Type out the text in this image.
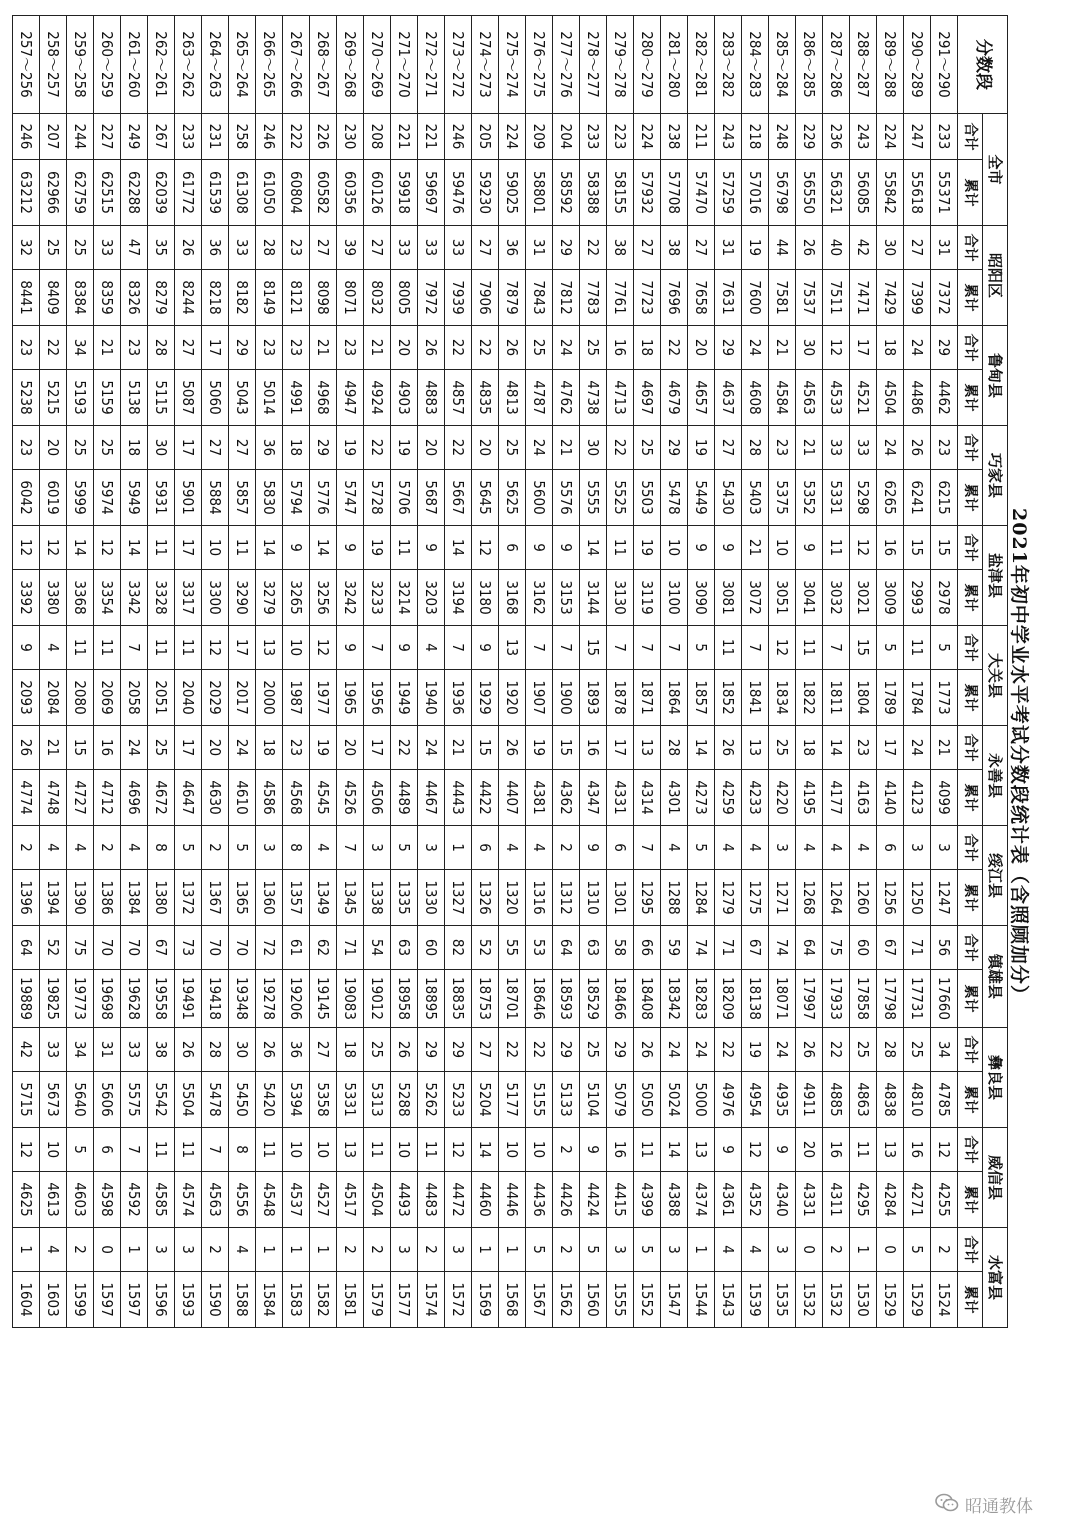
2021年初中学业水平考试分数段统计表（含照顾加分）
分数段	全市		昭阳区		鲁甸县		巧家县		盐津县		大关县		永善县		绥江县		镇雄县		彝良县		威信县		水富县	
	合计	累计	合计	累计	合计	累计	合计	累计	合计	累计	合计	累计	合计	累计	合计	累计	合计	累计	合计	累计	合计	累计	合计	累计
291～290	233	55371	31	7372	29	4462	23	6215	15	2978	5	1773	21	4099	3	1247	56	17660	34	4785	12	4255	2	1524
290～289	247	55618	27	7399	24	4486	26	6241	15	2993	11	1784	24	4123	3	1250	71	17731	25	4810	16	4271	5	1529
289～288	224	55842	30	7429	18	4504	24	6265	16	3009	5	1789	17	4140	6	1256	67	17798	28	4838	13	4284	0	1529
288～287	243	56085	42	7471	17	4521	33	5298	12	3021	15	1804	23	4163	4	1260	60	17858	25	4863	11	4295	1	1530
287～286	236	56321	40	7511	12	4533	33	5331	11	3032	7	1811	14	4177	4	1264	75	17933	22	4885	16	4311	2	1532
286～285	229	56550	26	7537	30	4563	21	5352	9	3041	11	1822	18	4195	4	1268	64	17997	26	4911	20	4331	0	1532
285～284	248	56798	44	7581	21	4584	23	5375	10	3051	12	1834	25	4220	3	1271	74	18071	24	4935	9	4340	3	1535
284～283	218	57016	19	7600	24	4608	28	5403	21	3072	7	1841	13	4233	4	1275	67	18138	19	4954	12	4352	4	1539
283～282	243	57259	31	7631	29	4637	27	5430	9	3081	11	1852	26	4259	4	1279	71	18209	22	4976	9	4361	4	1543
282～281	211	57470	27	7658	20	4657	19	5449	9	3090	5	1857	14	4273	5	1284	74	18283	24	5000	13	4374	1	1544
281～280	238	57708	38	7696	22	4679	29	5478	10	3100	7	1864	28	4301	4	1288	59	18342	24	5024	14	4388	3	1547
280～279	224	57932	27	7723	18	4697	25	5503	19	3119	7	1871	13	4314	7	1295	66	18408	26	5050	11	4399	5	1552
279～278	223	58155	38	7761	16	4713	22	5525	11	3130	7	1878	17	4331	6	1301	58	18466	29	5079	16	4415	3	1555
278～277	233	58388	22	7783	25	4738	30	5555	14	3144	15	1893	16	4347	9	1310	63	18529	25	5104	9	4424	5	1560
277～276	204	58592	29	7812	24	4762	21	5576	9	3153	7	1900	15	4362	2	1312	64	18593	29	5133	2	4426	2	1562
276～275	209	58801	31	7843	25	4787	24	5600	9	3162	7	1907	19	4381	4	1316	53	18646	22	5155	10	4436	5	1567
275～274	224	59025	36	7879	26	4813	25	5625	6	3168	13	1920	26	4407	4	1320	55	18701	22	5177	10	4446	1	1568
274～273	205	59230	27	7906	22	4835	20	5645	12	3180	9	1929	15	4422	6	1326	52	18753	27	5204	14	4460	1	1569
273～272	246	59476	33	7939	22	4857	22	5667	14	3194	7	1936	21	4443	1	1327	82	18835	29	5233	12	4472	3	1572
272～271	221	59697	33	7972	26	4883	20	5687	9	3203	4	1940	24	4467	3	1330	60	18895	29	5262	11	4483	2	1574
271～270	221	59918	33	8005	20	4903	19	5706	11	3214	9	1949	22	4489	5	1335	63	18958	26	5288	10	4493	3	1577
270～269	208	60126	27	8032	21	4924	22	5728	19	3233	7	1956	17	4506	3	1338	54	19012	25	5313	11	4504	2	1579
269～268	230	60356	39	8071	23	4947	19	5747	9	3242	9	1965	20	4526	7	1345	71	19083	18	5331	13	4517	2	1581
268～267	226	60582	27	8098	21	4968	29	5776	14	3256	12	1977	19	4545	4	1349	62	19145	27	5358	10	4527	1	1582
267～266	222	60804	23	8121	23	4991	18	5794	9	3265	10	1987	23	4568	8	1357	61	19206	36	5394	10	4537	1	1583
266～265	246	61050	28	8149	23	5014	36	5830	14	3279	13	2000	18	4586	3	1360	72	19278	26	5420	11	4548	1	1584
265～264	258	61308	33	8182	29	5043	27	5857	11	3290	17	2017	24	4610	5	1365	70	19348	30	5450	8	4556	4	1588
264～263	231	61539	36	8218	17	5060	27	5884	10	3300	12	2029	20	4630	2	1367	70	19418	28	5478	7	4563	2	1590
263～262	233	61772	26	8244	27	5087	17	5901	17	3317	11	2040	17	4647	5	1372	73	19491	26	5504	11	4574	3	1593
262～261	267	62039	35	8279	28	5115	30	5931	11	3328	11	2051	25	4672	8	1380	67	19558	38	5542	11	4585	3	1596
261～260	249	62288	47	8326	23	5138	18	5949	14	3342	7	2058	24	4696	4	1384	70	19628	33	5575	7	4592	1	1597
260～259	227	62515	33	8359	21	5159	25	5974	12	3354	11	2069	16	4712	2	1386	70	19698	31	5606	6	4598	0	1597
259～258	244	62759	25	8384	34	5193	25	5999	14	3368	11	2080	15	4727	4	1390	75	19773	34	5640	5	4603	2	1599
258～257	207	62966	25	8409	22	5215	20	6019	12	3380	4	2084	21	4748	4	1394	52	19825	33	5673	10	4613	4	1603
257～256	246	63212	32	8441	23	5238	23	6042	12	3392	9	2093	26	4774	2	1396	64	19889	42	5715	12	4625	1	1604
昭通教体
